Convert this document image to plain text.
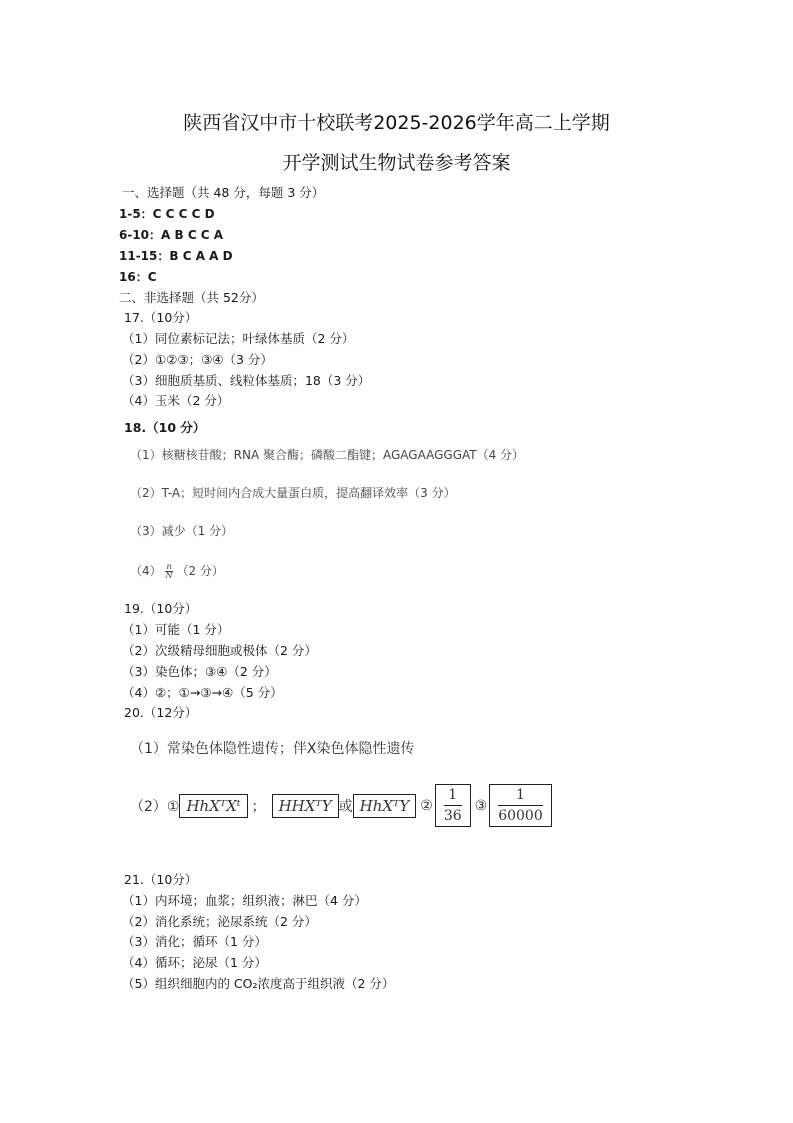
陕西省汉中市十校联考2025-2026学年高二上学期
开学测试生物试卷参考答案
一、选择题（共 48 分，每题 3 分）
1-5：C C C C D
6-10：A B C C A
11-15：B C A A D
16：C
二、非选择题（共 52分）
17.（10分）
（1）同位素标记法；叶绿体基质（2 分）
（2）①②③；③④（3 分）
（3）细胞质基质、线粒体基质；18（3 分）
（4）玉米（2 分）
18.（10 分）
（1）核糖核苷酸；RNA 聚合酶；磷酸二酯键；AGAGAAGGGAT（4 分）
（2）T-A；短时间内合成大量蛋白质，提高翻译效率（3 分）
（3）减少（1 分）
$(4) \frac{n}{N} (2$ 分）
19.（10分）
（1）可能（1 分）
（2）次级精母细胞或极体（2 分）
（3）染色体；③④（2 分）
（4）②；①→③→④（5 分）
20.（12分）
（1）常染色体隐性遗传；伴X染色体隐性遗传
（2）① HhXᵀXᵗ ； HHXᵀY 或 HhXᵀY ② $\frac{1}{36}$ ③ $\frac{1}{60000}$
21.（10分）
（1）内环境；血浆；组织液；淋巴（4 分）
（2）消化系统；泌尿系统（2 分）
（3）消化；循环（1 分）
（4）循环；泌尿（1 分）
（5）组织细胞内的 CO₂浓度高于组织液（2 分）
